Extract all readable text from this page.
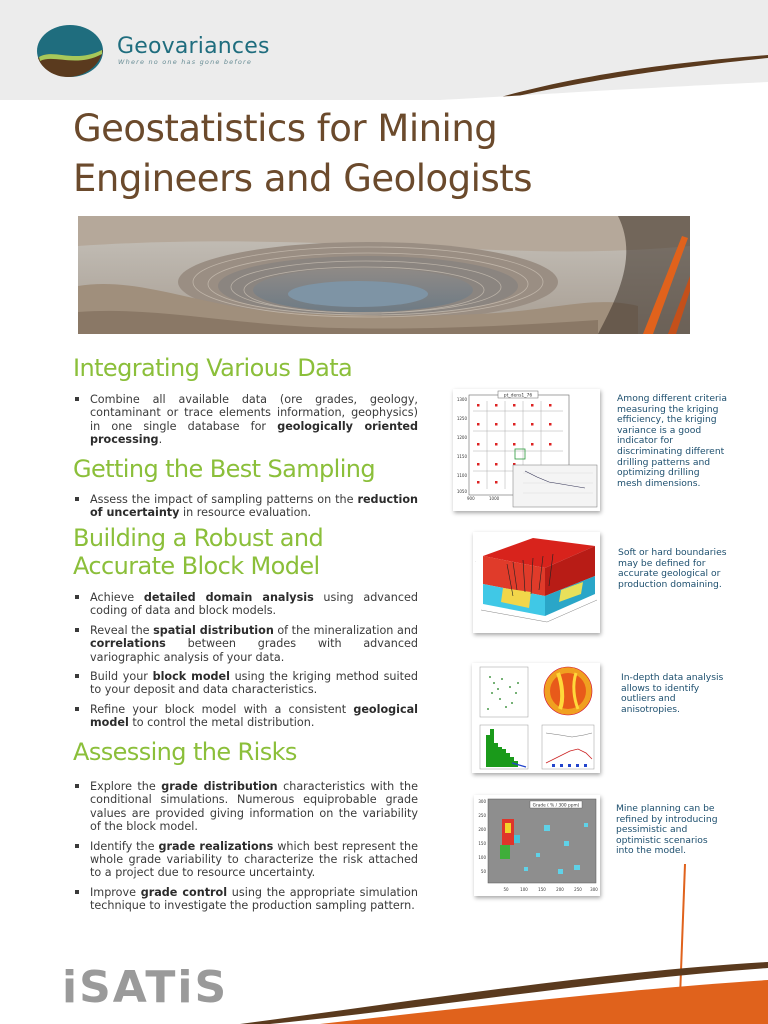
Geovariances
Where no one has gone before
Geostatistics for Mining
Engineers and Geologists
Integrating Various Data
Combine all available data (ore grades, geology, contaminant or trace elements information, geophysics) in one single database for geologically oriented processing.
Getting the Best Sampling
Assess the impact of sampling patterns on the reduction of uncertainty in resource evaluation.
Building a Robust and
Accurate Block Model
Achieve detailed domain analysis using advanced coding of data and block models.
Reveal the spatial distribution of the mineralization and correlations between grades with advanced variographic analysis of your data.
Build your block model using the kriging method suited to your deposit and data characteristics.
Refine your block model with a consistent geological model to control the metal distribution.
Assessing the Risks
Explore the grade distribution characteristics with the conditional simulations. Numerous equiprobable grade values are provided giving information on the variability of the block model.
Identify the grade realizations which best represent the whole grade variability to characterize the risk attached to a project due to resource uncertainty.
Improve grade control using the appropriate simulation technique to investigate the production sampling pattern.
pt_dens1_76
1300
1250
1200
1150
1100
1050
900	1000
Among different criteria measuring the kriging efficiency, the kriging variance is a good indicator for discriminating different drilling patterns and optimizing drilling mesh dimensions.
·
Soft or hard boundaries may be defined for accurate geological or production domaining.
In-depth data analysis allows to identify outliers and anisotropies.
Grade ( % / 300 ppm)
300
250
200
150
100
50
50	100	150	200	250 300
Mine planning can be refined by introducing pessimistic and optimistic scenarios into the model.
iSATiS
